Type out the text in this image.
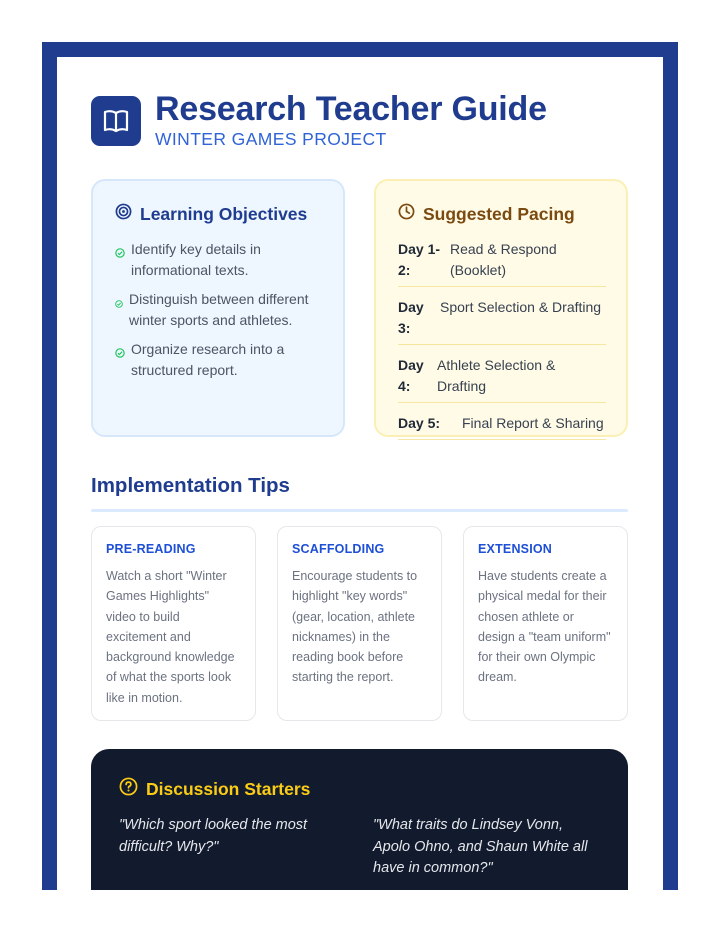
Research Teacher Guide
WINTER GAMES PROJECT
Learning Objectives
Identify key details in informational texts.
Distinguish between different winter sports and athletes.
Organize research into a structured report.
Suggested Pacing
Day 1-2:
Read & Respond (Booklet)
Day 3:
Sport Selection & Drafting
Day 4:
Athlete Selection & Drafting
Day 5:	Final Report & Sharing
Implementation Tips
PRE-READING
Watch a short "Winter Games Highlights" video to build excitement and background knowledge of what the sports look like in motion.
SCAFFOLDING
Encourage students to highlight "key words" (gear, location, athlete nicknames) in the reading book before starting the report.
EXTENSION
Have students create a physical medal for their chosen athlete or design a "team uniform" for their own Olympic dream.
Discussion Starters
"Which sport looked the most difficult? Why?"
"What traits do Lindsey Vonn, Apolo Ohno, and Shaun White all have in common?"
